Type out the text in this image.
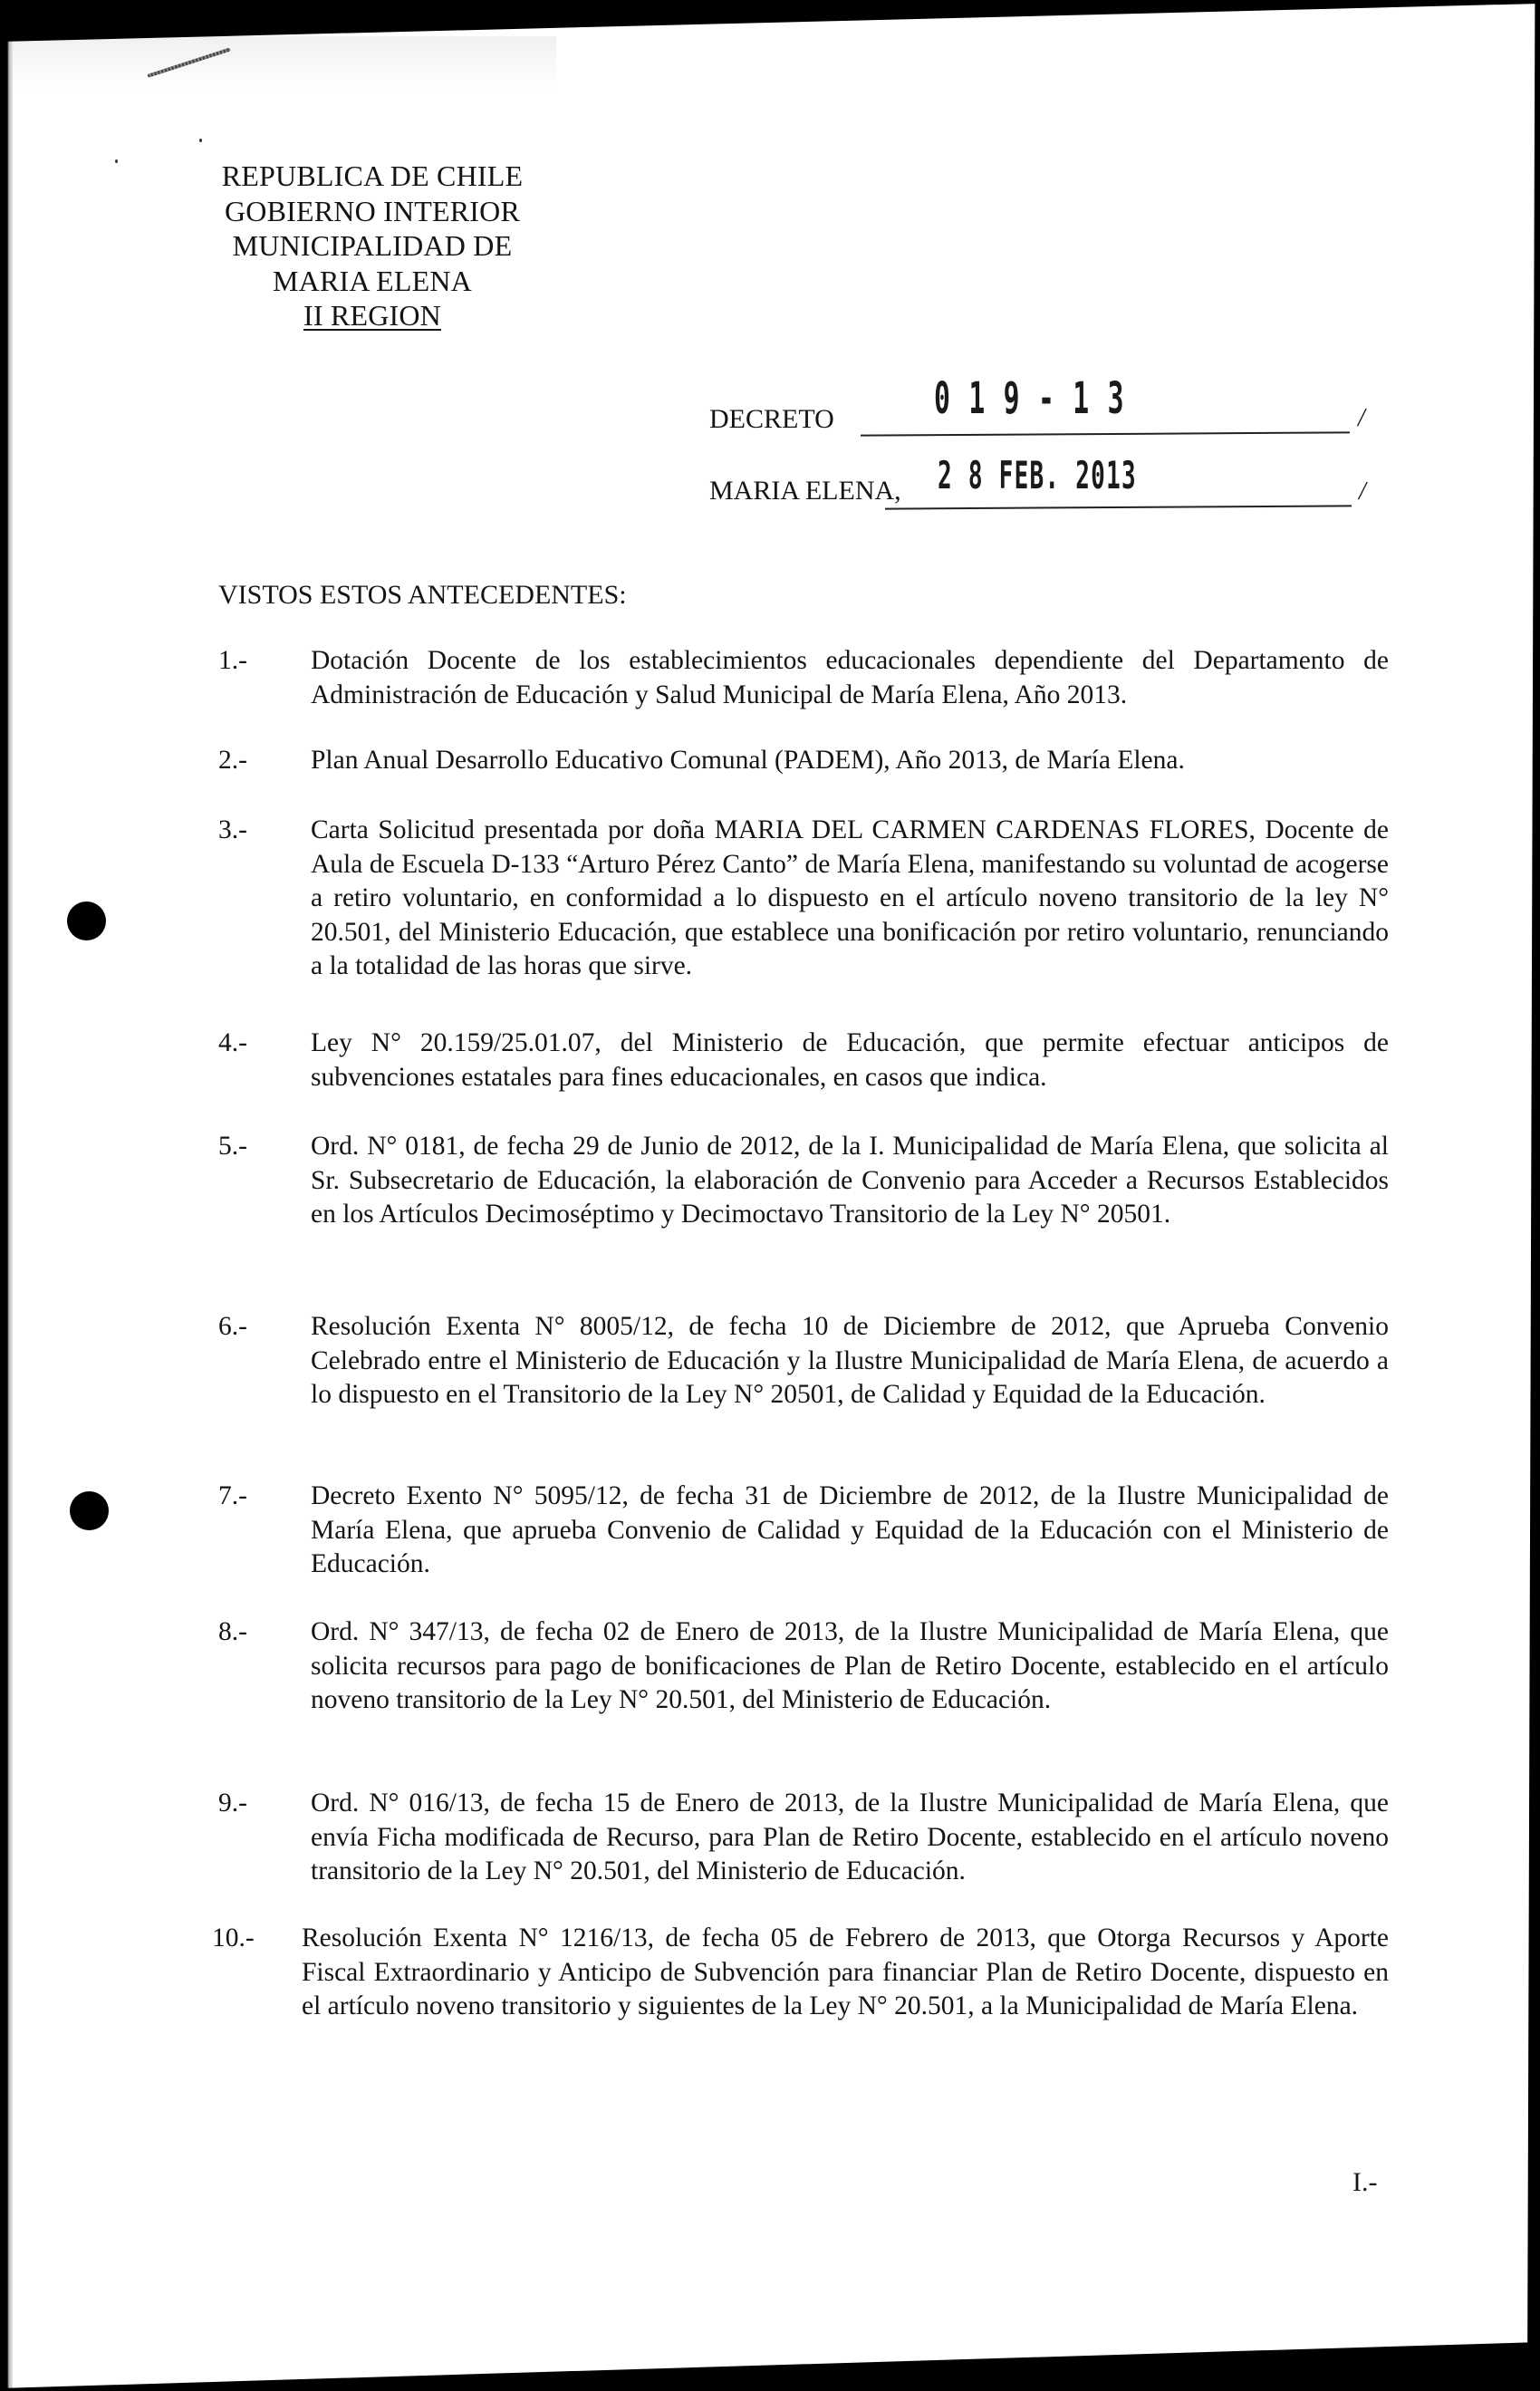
REPUBLICA DE CHILE
GOBIERNO INTERIOR
MUNICIPALIDAD DE
MARIA ELENA
II REGION
DECRETO 0 1 9 - 1 3	/
MARIA ELENA, 2 8 FEB. 2013	/
VISTOS ESTOS ANTECEDENTES:
1.- Dotación Docente de los establecimientos educacionales dependiente del Departamento de Administración de Educación y Salud Municipal de María Elena, Año 2013.
2.- Plan Anual Desarrollo Educativo Comunal (PADEM), Año 2013, de María Elena.
3.- Carta Solicitud presentada por doña MARIA DEL CARMEN CARDENAS FLORES, Docente de Aula de Escuela D-133 “Arturo Pérez Canto” de María Elena, manifestando su voluntad de acogerse a retiro voluntario, en conformidad a lo dispuesto en el artículo noveno transitorio de la ley N° 20.501, del Ministerio Educación, que establece una bonificación por retiro voluntario, renunciando a la totalidad de las horas que sirve.
4.- Ley N° 20.159/25.01.07, del Ministerio de Educación, que permite efectuar anticipos de subvenciones estatales para fines educacionales, en casos que indica.
5.- Ord. N° 0181, de fecha 29 de Junio de 2012, de la I. Municipalidad de María Elena, que solicita al Sr. Subsecretario de Educación, la elaboración de Convenio para Acceder a Recursos Establecidos en los Artículos Decimoséptimo y Decimoctavo Transitorio de la Ley N° 20501.
6.- Resolución Exenta N° 8005/12, de fecha 10 de Diciembre de 2012, que Aprueba Convenio Celebrado entre el Ministerio de Educación y la Ilustre Municipalidad de María Elena, de acuerdo a lo dispuesto en el Transitorio de la Ley N° 20501, de Calidad y Equidad de la Educación.
7.- Decreto Exento N° 5095/12, de fecha 31 de Diciembre de 2012, de la Ilustre Municipalidad de María Elena, que aprueba Convenio de Calidad y Equidad de la Educación con el Ministerio de Educación.
8.- Ord. N° 347/13, de fecha 02 de Enero de 2013, de la Ilustre Municipalidad de María Elena, que solicita recursos para pago de bonificaciones de Plan de Retiro Docente, establecido en el artículo noveno transitorio de la Ley N° 20.501, del Ministerio de Educación.
9.- Ord. N° 016/13, de fecha 15 de Enero de 2013, de la Ilustre Municipalidad de María Elena, que envía Ficha modificada de Recurso, para Plan de Retiro Docente, establecido en el artículo noveno transitorio de la Ley N° 20.501, del Ministerio de Educación.
10.- Resolución Exenta N° 1216/13, de fecha 05 de Febrero de 2013, que Otorga Recursos y Aporte Fiscal Extraordinario y Anticipo de Subvención para financiar Plan de Retiro Docente, dispuesto en el artículo noveno transitorio y siguientes de la Ley N° 20.501, a la Municipalidad de María Elena.
I.-
